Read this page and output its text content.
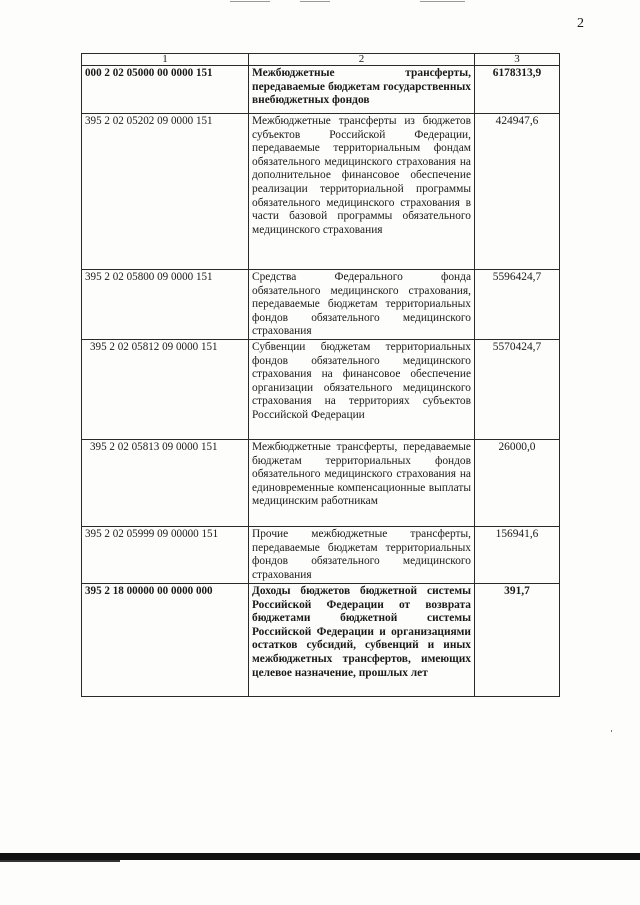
2
1	2	3
000 2 02 05000 00 0000 151	Межбюджетные трансферты, передаваемые бюджетам государственных внебюджетных фондов	6178313,9
395 2 02 05202 09 0000 151	Межбюджетные трансферты из бюджетов субъектов Российской Федерации, передаваемые территориальным фондам обязательного медицинского страхования на дополнительное финансовое обеспечение реализации территориальной программы обязательного медицинского страхования в части базовой программы обязательного медицинского страхования	424947,6
395 2 02 05800 09 0000 151	Средства Федерального фонда обязательного медицинского страхования, передаваемые бюджетам территориальных фондов обязательного медицинского страхования	5596424,7
395 2 02 05812 09 0000 151	Субвенции бюджетам территориальных фондов обязательного медицинского страхования на финансовое обеспечение организации обязательного медицинского страхования на территориях субъектов Российской Федерации	5570424,7
395 2 02 05813 09 0000 151	Межбюджетные трансферты, передаваемые бюджетам территориальных фондов обязательного медицинского страхования на единовременные компенсационные выплаты медицинским работникам	26000,0
395 2 02 05999 09 00000 151	Прочие межбюджетные трансферты, передаваемые бюджетам территориальных фондов обязательного медицинского страхования	156941,6
395 2 18 00000 00 0000 000	Доходы бюджетов бюджетной системы Российской Федерации от возврата бюджетами бюджетной системы Российской Федерации и организациями остатков субсидий, субвенций и иных межбюджетных трансфертов, имеющих целевое назначение, прошлых лет	391,7
